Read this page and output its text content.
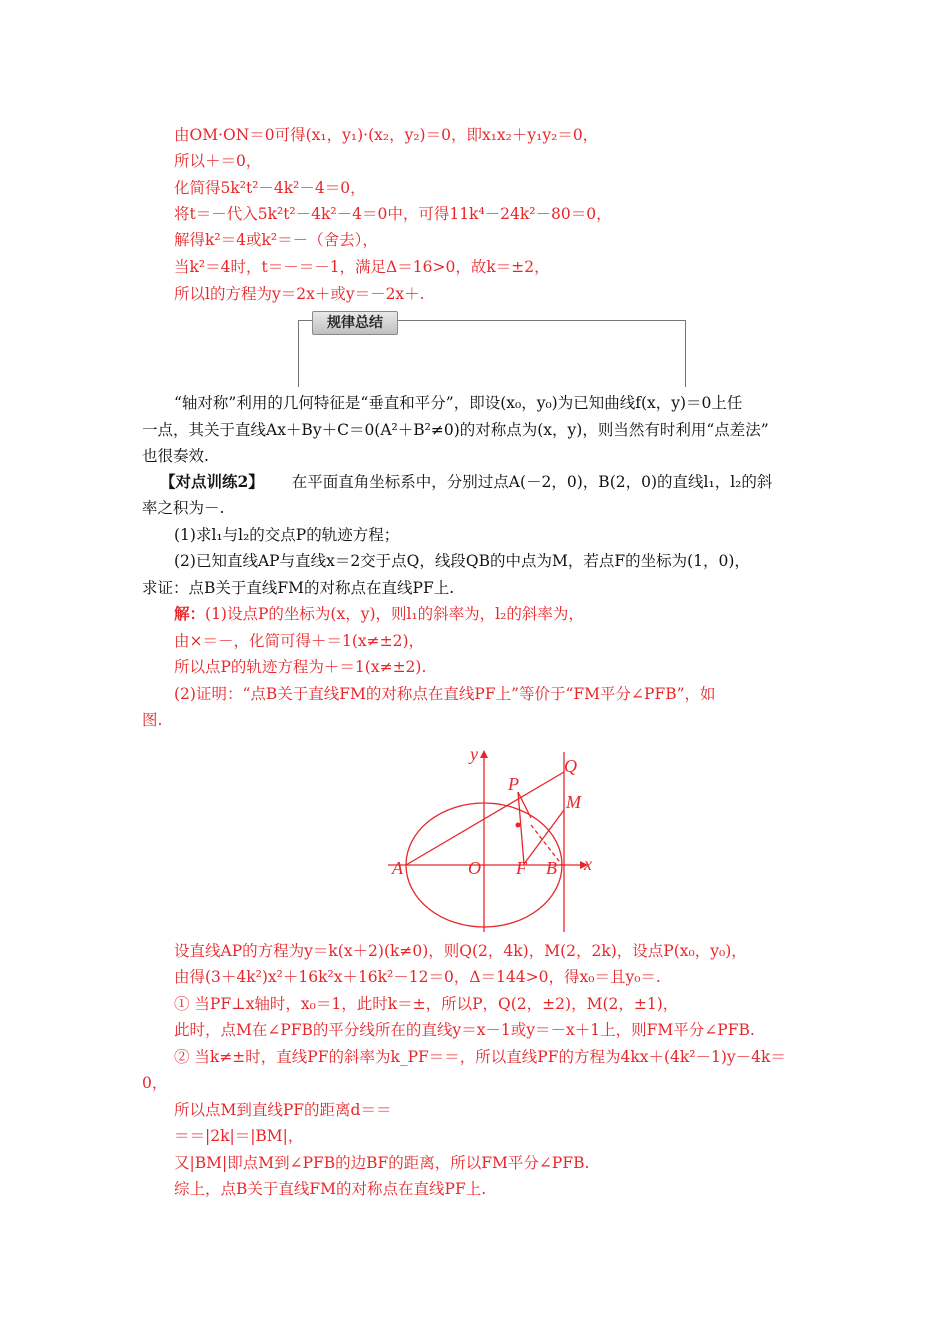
由OM·ON＝0可得(x₁，y₁)·(x₂，y₂)＝0，即x₁x₂＋y₁y₂＝0，
所以＋＝0，
化简得5k²t²－4k²－4＝0，
将t＝－代入5k²t²－4k²－4＝0中，可得11k⁴－24k²－80＝0，
解得k²＝4或k²＝－（舍去），
当k²＝4时，t＝－＝－1，满足Δ＝16>0，故k＝±2，
所以l的方程为y＝2x＋或y＝－2x＋.
规律总结
“轴对称”利用的几何特征是“垂直和平分”，即设(x₀，y₀)为已知曲线f(x，y)＝0上任
一点，其关于直线Ax＋By＋C＝0(A²＋B²≠0)的对称点为(x，y)，则当然有时利用“点差法”
也很奏效.
【对点训练2】 在平面直角坐标系中，分别过点A(－2，0)，B(2，0)的直线l₁，l₂的斜
率之积为－.
(1)求l₁与l₂的交点P的轨迹方程；
(2)已知直线AP与直线x＝2交于点Q，线段QB的中点为M，若点F的坐标为(1，0)，
求证：点B关于直线FM的对称点在直线PF上.
解：(1)设点P的坐标为(x，y)，则l₁的斜率为，l₂的斜率为，
由×＝－，化简可得＋＝1(x≠±2)，
所以点P的轨迹方程为＋＝1(x≠±2).
(2)证明：“点B关于直线FM的对称点在直线PF上”等价于“FM平分∠PFB”，如
图.
y
x
A	O F B
P
Q
M
设直线AP的方程为y＝k(x＋2)(k≠0)，则Q(2，4k)，M(2，2k)，设点P(x₀，y₀)，
由得(3＋4k²)x²＋16k²x＋16k²－12＝0，Δ＝144>0，得x₀＝且y₀＝.
① 当PF⊥x轴时，x₀＝1，此时k＝±，所以P，Q(2，±2)，M(2，±1)，
此时，点M在∠PFB的平分线所在的直线y＝x－1或y＝－x＋1上，则FM平分∠PFB.
② 当k≠±时，直线PF的斜率为k_PF＝＝，所以直线PF的方程为4kx＋(4k²－1)y－4k＝
0，
所以点M到直线PF的距离d＝＝
＝＝|2k|＝|BM|，
又|BM|即点M到∠PFB的边BF的距离，所以FM平分∠PFB.
综上，点B关于直线FM的对称点在直线PF上.
